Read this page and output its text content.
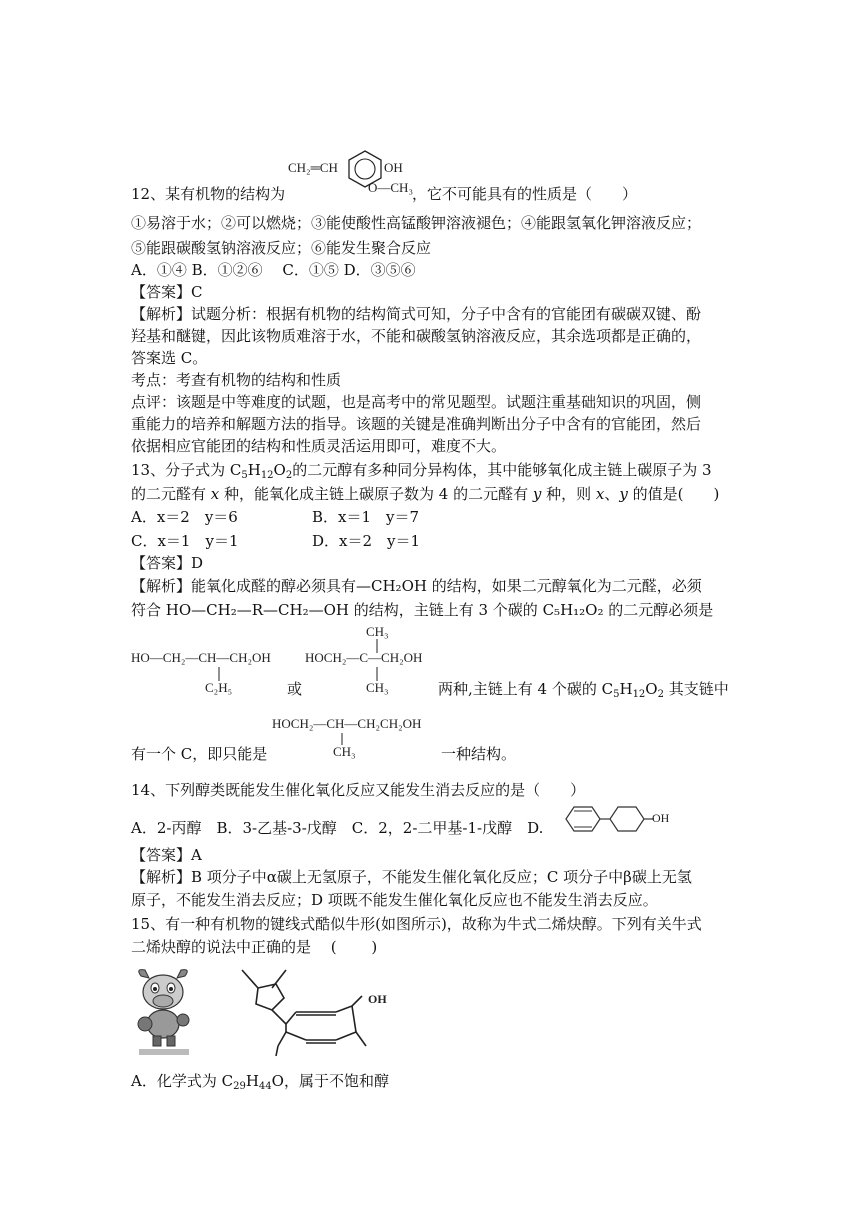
CH₂═CH	OH
O—CH₃
12、某有机物的结构为	，它不可能具有的性质是（　　）
①易溶于水；②可以燃烧；③能使酸性高锰酸钾溶液褪色；④能跟氢氧化钾溶液反应；
⑤能跟碳酸氢钠溶液反应；⑥能发生聚合反应
A．①④ B．①②⑥　 C．①⑤ D．③⑤⑥
【答案】C
【解析】试题分析：根据有机物的结构简式可知，分子中含有的官能团有碳碳双键、酚
羟基和醚键，因此该物质难溶于水，不能和碳酸氢钠溶液反应，其余选项都是正确的，
答案选 C。
考点：考查有机物的结构和性质
点评：该题是中等难度的试题，也是高考中的常见题型。试题注重基础知识的巩固，侧
重能力的培养和解题方法的指导。该题的关键是准确判断出分子中含有的官能团，然后
依据相应官能团的结构和性质灵活运用即可，难度不大。
13、分子式为 $C_5H_{12}O_2$的二元醇有多种同分异构体，其中能够氧化成主链上碳原子为 3
的二元醛有 x 种，能氧化成主链上碳原子数为 4 的二元醛有 y 种，则 x、y 的值是(　　)
A．x＝2　y＝6	B．x＝1　y＝7
C．x＝1　y＝1	D．x＝2　y＝1
【答案】D
【解析】能氧化成醛的醇必须具有—CH₂OH 的结构，如果二元醇氧化为二元醛，必须
符合 HO—CH₂—R—CH₂—OH 的结构，主链上有 3 个碳的 C₅H₁₂O₂ 的二元醇必须是
HO—CH₂—CH—CH₂OH
C₂H₅	或
CH₃
HOCH₂—C—CH₂OH
CH₃	两种,主链上有 4 个碳的 $C_5H_{12}O_2$ 其支链中
HOCH₂—CH—CH₂CH₂OH
CH₃
有一个 C，即只能是	一种结构。
14、下列醇类既能发生催化氧化反应又能发生消去反应的是（　　）
A．2-丙醇　B．3-乙基-3-戊醇　C．2，2-二甲基-1-戊醇　D.
OH
【答案】A
【解析】B 项分子中α碳上无氢原子，不能发生催化氧化反应；C 项分子中β碳上无氢
原子，不能发生消去反应；D 项既不能发生催化氧化反应也不能发生消去反应。
15、有一种有机物的键线式酷似牛形(如图所示)，故称为牛式二烯炔醇。下列有关牛式
二烯炔醇的说法中正确的是　 (　　 )
OH
A．化学式为 $C_{29}H_{44}O$，属于不饱和醇
